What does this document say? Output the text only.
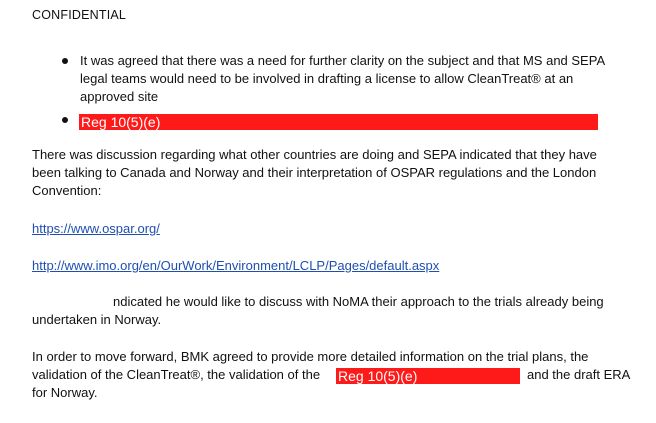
CONFIDENTIAL
It was agreed that there was a need for further clarity on the subject and that MS and SEPA
legal teams would need to be involved in drafting a license to allow CleanTreat® at an
approved site
Reg 10(5)(e)
There was discussion regarding what other countries are doing and SEPA indicated that they have
been talking to Canada and Norway and their interpretation of OSPAR regulations and the London
Convention:
https://www.ospar.org/
http://www.imo.org/en/OurWork/Environment/LCLP/Pages/default.aspx
ndicated he would like to discuss with NoMA their approach to the trials already being
undertaken in Norway.
In order to move forward, BMK agreed to provide more detailed information on the trial plans, the
validation of the CleanTreat®, the validation of the Reg 10(5)(e)	and the draft ERA
for Norway.
